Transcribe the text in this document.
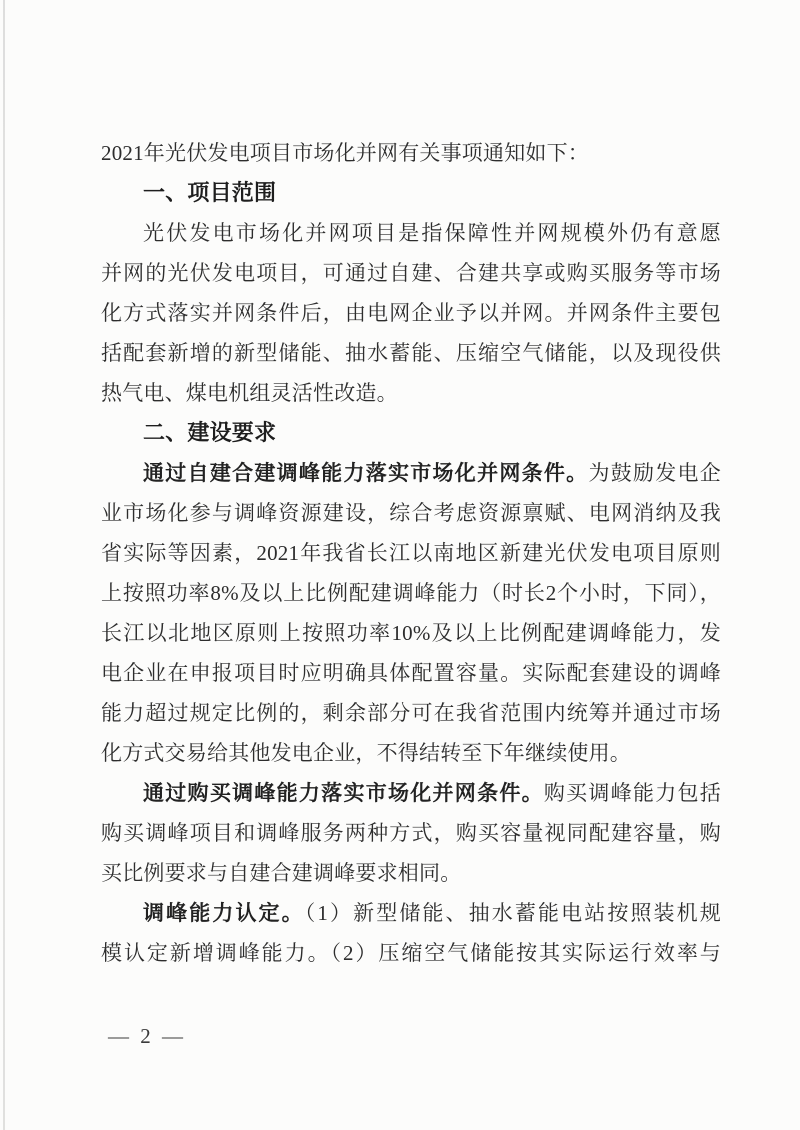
2021年光伏发电项目市场化并网有关事项通知如下：
一、项目范围
光伏发电市场化并网项目是指保障性并网规模外仍有意愿
并网的光伏发电项目，可通过自建、合建共享或购买服务等市场
化方式落实并网条件后，由电网企业予以并网。并网条件主要包
括配套新增的新型储能、抽水蓄能、压缩空气储能，以及现役供
热气电、煤电机组灵活性改造。
二、建设要求
通过自建合建调峰能力落实市场化并网条件。为鼓励发电企
业市场化参与调峰资源建设，综合考虑资源禀赋、电网消纳及我
省实际等因素，2021年我省长江以南地区新建光伏发电项目原则
上按照功率8%及以上比例配建调峰能力（时长2个小时，下同），
长江以北地区原则上按照功率10%及以上比例配建调峰能力，发
电企业在申报项目时应明确具体配置容量。实际配套建设的调峰
能力超过规定比例的，剩余部分可在我省范围内统筹并通过市场
化方式交易给其他发电企业，不得结转至下年继续使用。
通过购买调峰能力落实市场化并网条件。购买调峰能力包括
购买调峰项目和调峰服务两种方式，购买容量视同配建容量，购
买比例要求与自建合建调峰要求相同。
调峰能力认定。（1）新型储能、抽水蓄能电站按照装机规
模认定新增调峰能力。（2）压缩空气储能按其实际运行效率与
— 2 —
